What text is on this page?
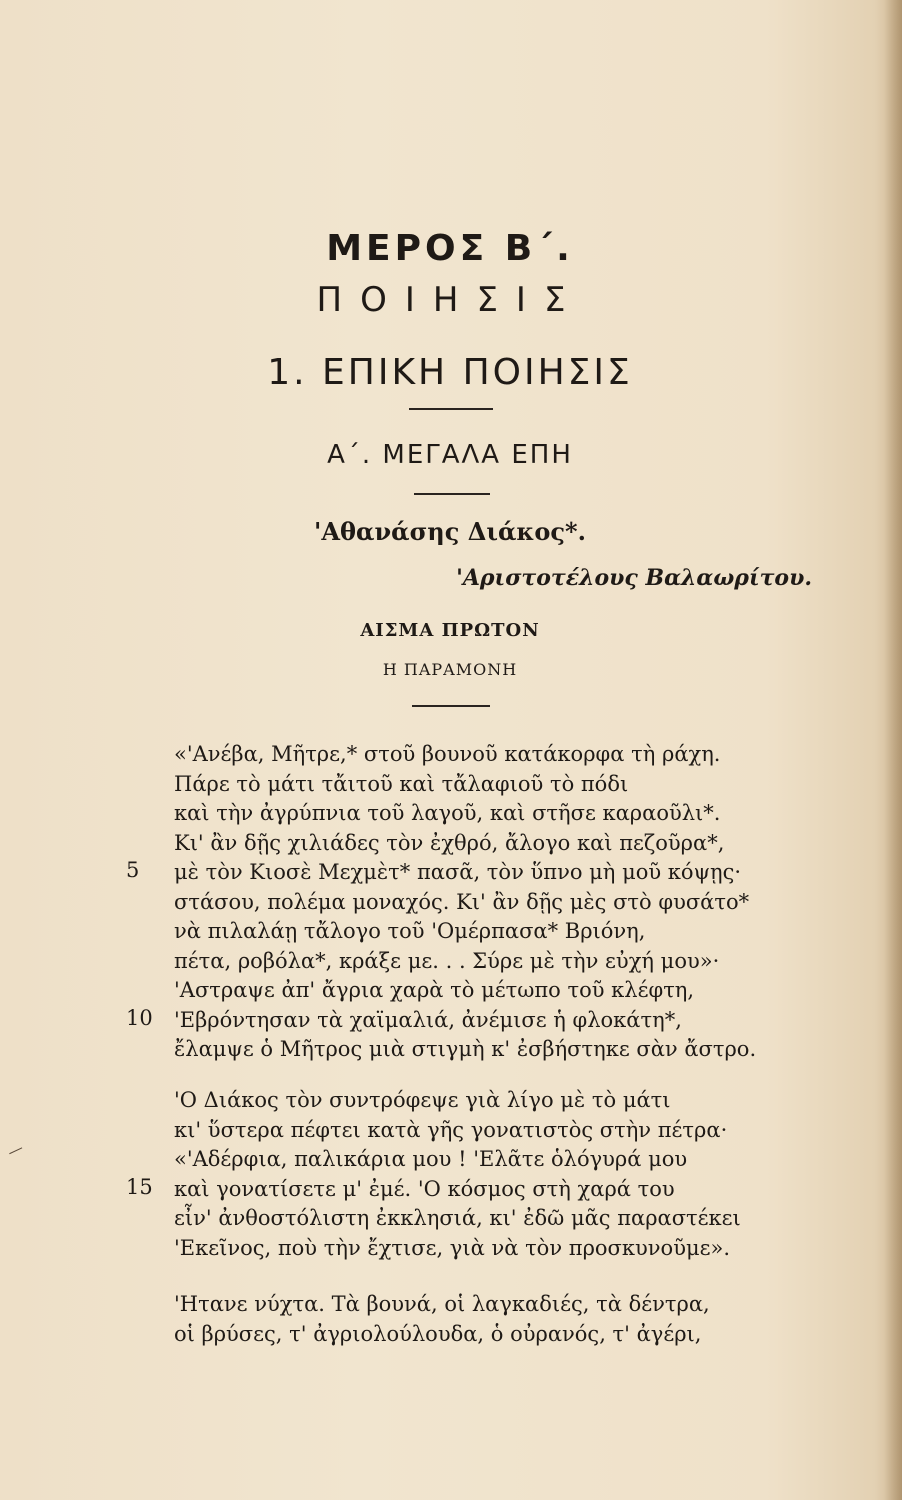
ΜΕΡΟΣ Β΄.
ΠΟΙΗΣΙΣ
1. ΕΠΙΚΗ ΠΟΙΗΣΙΣ
Α΄. ΜΕΓΑΛΑ ΕΠΗ
'Αθανάσης Διάκος*.
'Αριστοτέλους Βαλαωρίτου.
ΑΙΣΜΑ ΠΡΩΤΟΝ
Η ΠΑΡΑΜΟΝΗ
«'Ανέβα, Μῆτρε,* στοῦ βουνοῦ κατάκορφα τὴ ράχη.
Πάρε τὸ μάτι τἄιτοῦ καὶ τἄλαφιοῦ τὸ πόδι
καὶ τὴν ἀγρύπνια τοῦ λαγοῦ, καὶ στῆσε καραοῦλι*.
Κι' ἂν δῇς χιλιάδες τὸν ἐχθρό, ἄλογο καὶ πεζοῦρα*,
μὲ τὸν Κιοσὲ Μεχμὲτ* πασᾶ, τὸν ὕπνο μὴ μοῦ κόψῃς·
στάσου, πολέμα μοναχός. Κι' ἂν δῇς μὲς στὸ φυσάτο*
νὰ πιλαλάῃ τἄλογο τοῦ 'Ομέρπασα* Βριόνη,
πέτα, ροβόλα*, κράξε με. . . Σύρε μὲ τὴν εὐχή μου»·
'Αστραψε ἀπ' ἄγρια χαρὰ τὸ μέτωπο τοῦ κλέφτη,
'Εβρόντησαν τὰ χαϊμαλιά, ἀνέμισε ἡ φλοκάτη*,
ἔλαμψε ὁ Μῆτρος μιὰ στιγμὴ κ' ἐσβήστηκε σὰν ἄστρο.
5
10
'Ο Διάκος τὸν συντρόφεψε γιὰ λίγο μὲ τὸ μάτι
κι' ὕστερα πέφτει κατὰ γῆς γονατιστὸς στὴν πέτρα·
«'Αδέρφια, παλικάρια μου ! 'Ελᾶτε ὁλόγυρά μου
καὶ γονατίσετε μ' ἐμέ. 'Ο κόσμος στὴ χαρά του
εἶν' ἀνθοστόλιστη ἐκκλησιά, κι' ἐδῶ μᾶς παραστέκει
'Εκεῖνος, ποὺ τὴν ἔχτισε, γιὰ νὰ τὸν προσκυνοῦμε».
15
'Ητανε νύχτα. Τὰ βουνά, οἱ λαγκαδιές, τὰ δέντρα,
οἱ βρύσες, τ' ἀγριολούλουδα, ὁ οὐρανός, τ' ἀγέρι,
